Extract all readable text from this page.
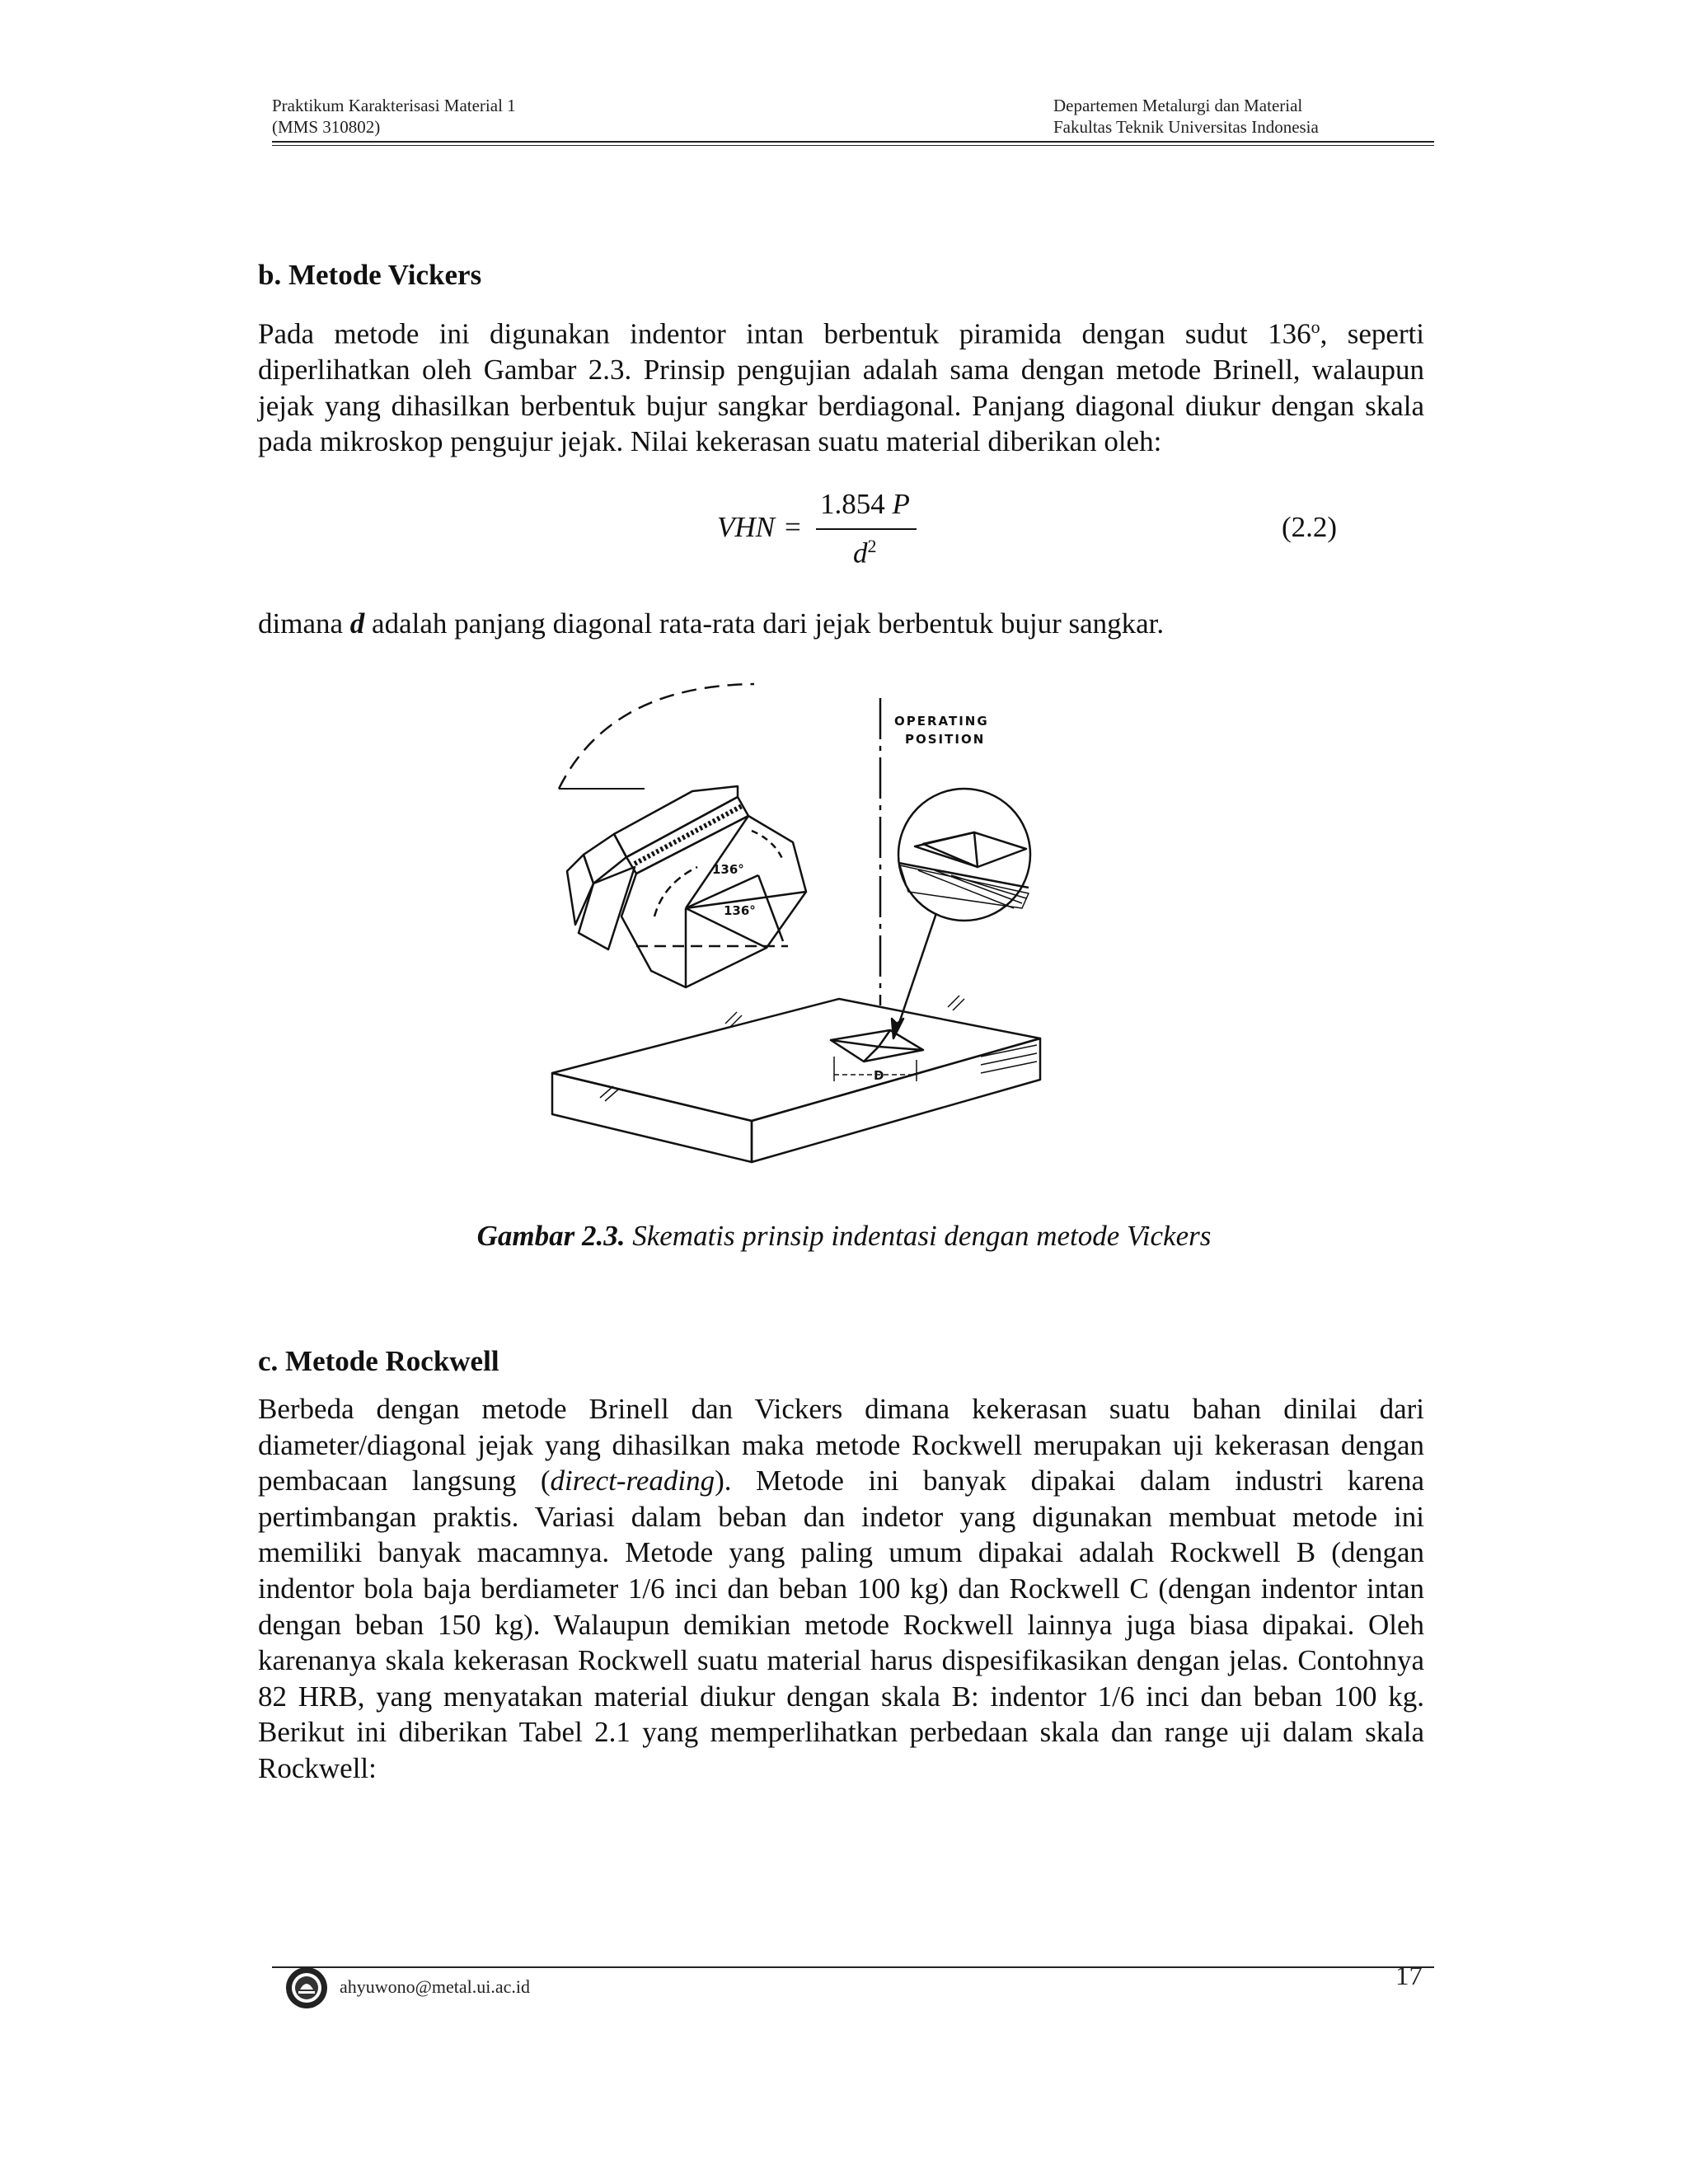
Praktikum Karakterisasi Material 1
(MMS 310802)
Departemen Metalurgi dan Material
Fakultas Teknik Universitas Indonesia
b. Metode Vickers

Pada metode ini digunakan indentor intan berbentuk piramida dengan sudut 136$^o$, seperti diperlihatkan oleh Gambar 2.3. Prinsip pengujian adalah sama dengan metode Brinell, walaupun jejak yang dihasilkan berbentuk bujur sangkar berdiagonal. Panjang diagonal diukur dengan skala pada mikroskop pengujur jejak. Nilai kekerasan suatu material diberikan oleh:

VHN =
1.854 P
$d^2$
(2.2)

dimana d adalah panjang diagonal rata-rata dari jejak berbentuk bujur sangkar.

OPERATING
POSITION
136°
136°
D
Gambar 2.3. Skematis prinsip indentasi dengan metode Vickers
c. Metode Rockwell

Berbeda dengan metode Brinell dan Vickers dimana kekerasan suatu bahan dinilai dari diameter/diagonal jejak yang dihasilkan maka metode Rockwell merupakan uji kekerasan dengan pembacaan langsung (direct-reading). Metode ini banyak dipakai dalam industri karena pertimbangan praktis. Variasi dalam beban dan indetor yang digunakan membuat metode ini memiliki banyak macamnya. Metode yang paling umum dipakai adalah Rockwell B (dengan indentor bola baja berdiameter 1/6 inci dan beban 100 kg) dan Rockwell C (dengan indentor intan dengan beban 150 kg). Walaupun demikian metode Rockwell lainnya juga biasa dipakai. Oleh karenanya skala kekerasan Rockwell suatu material harus dispesifikasikan dengan jelas. Contohnya 82 HRB, yang menyatakan material diukur dengan skala B: indentor 1/6 inci dan beban 100 kg. Berikut ini diberikan Tabel 2.1 yang memperlihatkan perbedaan skala dan range uji dalam skala Rockwell:

ahyuwono@metal.ui.ac.id	17
